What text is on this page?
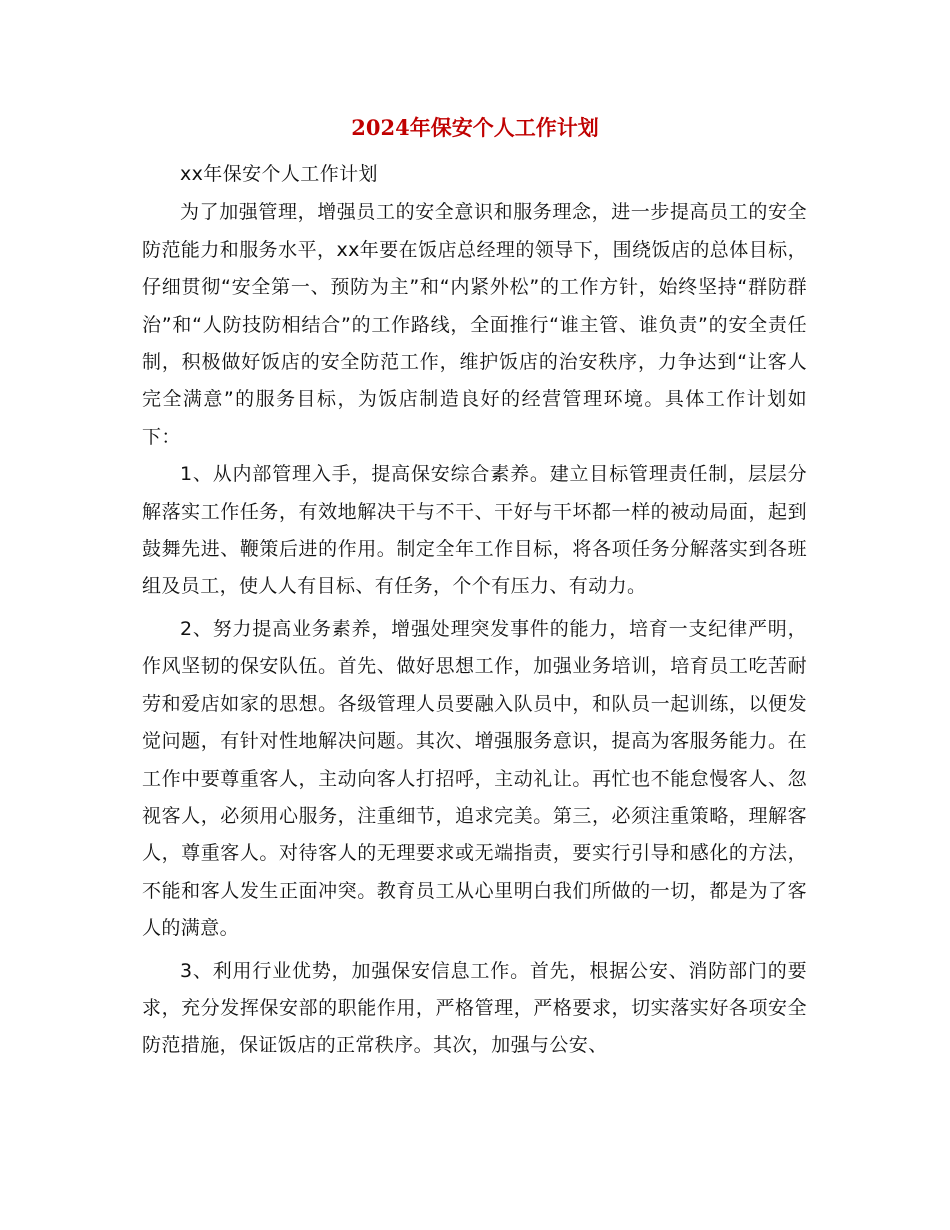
2024年保安个人工作计划

xx年保安个人工作计划

为了加强管理，增强员工的安全意识和服务理念，进一步提高员工的安全防范能力和服务水平，xx年要在饭店总经理的领导下，围绕饭店的总体目标，仔细贯彻“安全第一、预防为主”和“内紧外松”的工作方针，始终坚持“群防群治”和“人防技防相结合”的工作路线，全面推行“谁主管、谁负责”的安全责任制，积极做好饭店的安全防范工作，维护饭店的治安秩序，力争达到“让客人完全满意”的服务目标，为饭店制造良好的经营管理环境。具体工作计划如下：

1、从内部管理入手，提高保安综合素养。建立目标管理责任制，层层分解落实工作任务，有效地解决干与不干、干好与干坏都一样的被动局面，起到鼓舞先进、鞭策后进的作用。制定全年工作目标，将各项任务分解落实到各班组及员工，使人人有目标、有任务，个个有压力、有动力。

2、努力提高业务素养，增强处理突发事件的能力，培育一支纪律严明，作风坚韧的保安队伍。首先、做好思想工作，加强业务培训，培育员工吃苦耐劳和爱店如家的思想。各级管理人员要融入队员中，和队员一起训练，以便发觉问题，有针对性地解决问题。其次、增强服务意识，提高为客服务能力。在工作中要尊重客人，主动向客人打招呼，主动礼让。再忙也不能怠慢客人、忽视客人，必须用心服务，注重细节，追求完美。第三，必须注重策略，理解客人，尊重客人。对待客人的无理要求或无端指责，要实行引导和感化的方法，不能和客人发生正面冲突。教育员工从心里明白我们所做的一切，都是为了客人的满意。

3、利用行业优势，加强保安信息工作。首先，根据公安、消防部门的要求，充分发挥保安部的职能作用，严格管理，严格要求，切实落实好各项安全防范措施，保证饭店的正常秩序。其次，加强与公安、
